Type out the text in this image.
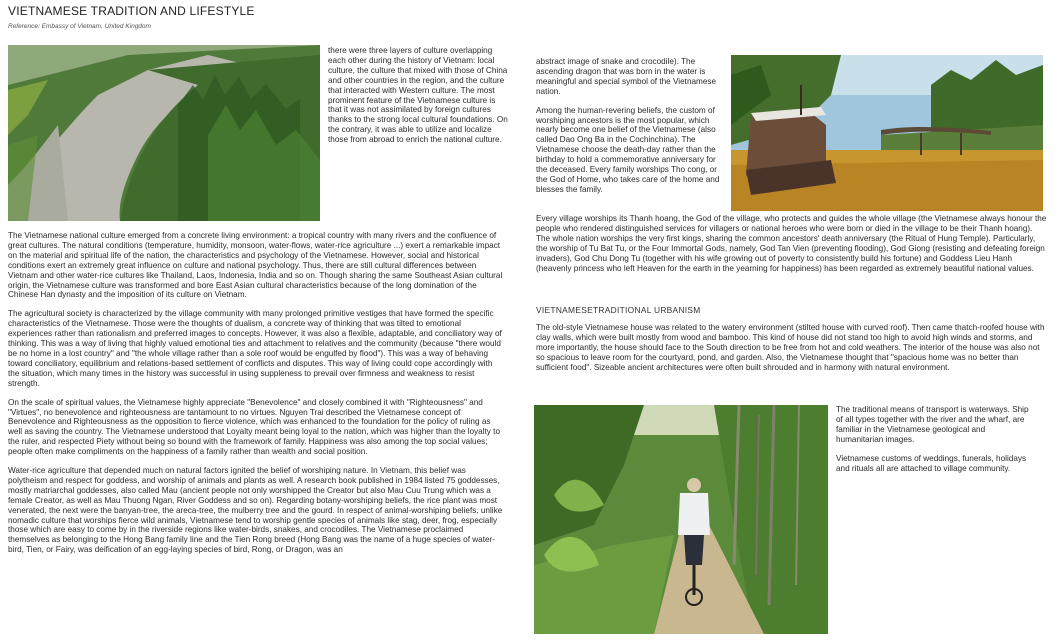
VIETNAMESE TRADITION AND LIFESTYLE
Reference: Embassy of Vietnam, United Kingdom

there were three layers of culture overlapping each other during the history of Vietnam: local culture, the culture that mixed with those of China and other countries in the region, and the culture that interacted with Western culture. The most prominent feature of the Vietnamese culture is that it was not assimilated by foreign cultures thanks to the strong local cultural foundations. On the contrary, it was able to utilize and localize those from abroad to enrich the national culture.

The Vietnamese national culture emerged from a concrete living environment: a tropical country with many rivers and the confluence of great cultures. The natural conditions (temperature, humidity, monsoon, water-flows, water-rice agriculture ...) exert a remarkable impact on the material and spiritual life of the nation, the characteristics and psychology of the Vietnamese. However, social and historical conditions exert an extremely great influence on culture and national psychology. Thus, there are still cultural differences between Vietnam and other water-rice cultures like Thailand, Laos, Indonesia, India and so on. Though sharing the same Southeast Asian cultural origin, the Vietnamese culture was transformed and bore East Asian cultural characteristics because of the long domination of the Chinese Han dynasty and the imposition of its culture on Vietnam.

The agricultural society is characterized by the village community with many prolonged primitive vestiges that have formed the specific characteristics of the Vietnamese. Those were the thoughts of dualism, a concrete way of thinking that was tilted to emotional experiences rather than rationalism and preferred images to concepts. However, it was also a flexible, adaptable, and conciliatory way of thinking. This was a way of living that highly valued emotional ties and attachment to relatives and the community (because "there would be no home in a lost country" and "the whole village rather than a sole roof would be engulfed by flood"). This was a way of behaving toward conciliatory, equilibrium and relations-based settlement of conflicts and disputes. This way of living could cope accordingly with the situation, which many times in the history was successful in using suppleness to prevail over firmness and weakness to resist strength.

On the scale of spiritual values, the Vietnamese highly appreciate "Benevolence" and closely combined it with "Righteousness" and "Virtues", no benevolence and righteousness are tantamount to no virtues. Nguyen Trai described the Vietnamese concept of Benevolence and Righteousness as the opposition to fierce violence, which was enhanced to the foundation for the policy of ruling as well as saving the country. The Vietnamese understood that Loyalty meant being loyal to the nation, which was higher than the loyalty to the ruler, and respected Piety without being so bound with the framework of family. Happiness was also among the top social values; people often make compliments on the happiness of a family rather than wealth and social position.

Water-rice agriculture that depended much on natural factors ignited the belief of worshiping nature. In Vietnam, this belief was polytheism and respect for goddess, and worship of animals and plants as well. A research book published in 1984 listed 75 goddesses, mostly matriarchal goddesses, also called Mau (ancient people not only worshipped the Creator but also Mau Cuu Trung which was a female Creator, as well as Mau Thuong Ngan, River Goddess and so on). Regarding botany-worshiping beliefs, the rice plant was most venerated, the next were the banyan-tree, the areca-tree, the mulberry tree and the gourd. In respect of animal-worshiping beliefs, unlike nomadic culture that worships fierce wild animals, Vietnamese tend to worship gentle species of animals like stag, deer, frog, especially those which are easy to come by in the riverside regions like water-birds, snakes, and crocodiles. The Vietnamese proclaimed themselves as belonging to the Hong Bang family line and the Tien Rong breed (Hong Bang was the name of a huge species of water-bird, Tien, or Fairy, was deification of an egg-laying species of bird, Rong, or Dragon, was an

abstract image of snake and crocodile). The ascending dragon that was born in the water is meaningful and special symbol of the Vietnamese nation.

Among the human-revering beliefs, the custom of worshiping ancestors is the most popular, which nearly become one belief of the Vietnamese (also called Dao Ong Ba in the Cochinchina). The Vietnamese choose the death-day rather than the birthday to hold a commemorative anniversary for the deceased. Every family worships Tho cong, or the God of Home, who takes care of the home and blesses the family.

Every village worships its Thanh hoang, the God of the village, who protects and guides the whole village (the Vietnamese always honour the people who rendered distinguished services for villagers or national heroes who were born or died in the village to be their Thanh hoang). The whole nation worships the very first kings, sharing the common ancestors' death anniversary (the Ritual of Hung Temple). Particularly, the worship of Tu Bat Tu, or the Four Immortal Gods, namely, God Tan Vien (preventing flooding), God Giong (resisting and defeating foreign invaders), God Chu Dong Tu (together with his wife growing out of poverty to consistently build his fortune) and Goddess Lieu Hanh (heavenly princess who left Heaven for the earth in the yearning for happiness) has been regarded as extremely beautiful national values.

VIETNAMESETRADITIONAL URBANISM

The old-style Vietnamese house was related to the watery environment (stilted house with curved roof). Then came thatch-roofed house with clay walls, which were built mostly from wood and bamboo. This kind of house did not stand too high to avoid high winds and storms, and more importantly, the house should face to the South direction to be free from hot and cold weathers. The interior of the house was also not so spacious to leave room for the courtyard, pond, and garden. Also, the Vietnamese thought that "spacious home was no better than sufficient food". Sizeable ancient architectures were often built shrouded and in harmony with natural environment.

The traditional means of transport is waterways. Ship of all types together with the river and the wharf, are familiar in the Vietnamese geological and humanitarian images.

Vietnamese customs of weddings, funerals, holidays and rituals all are attached to village community.
